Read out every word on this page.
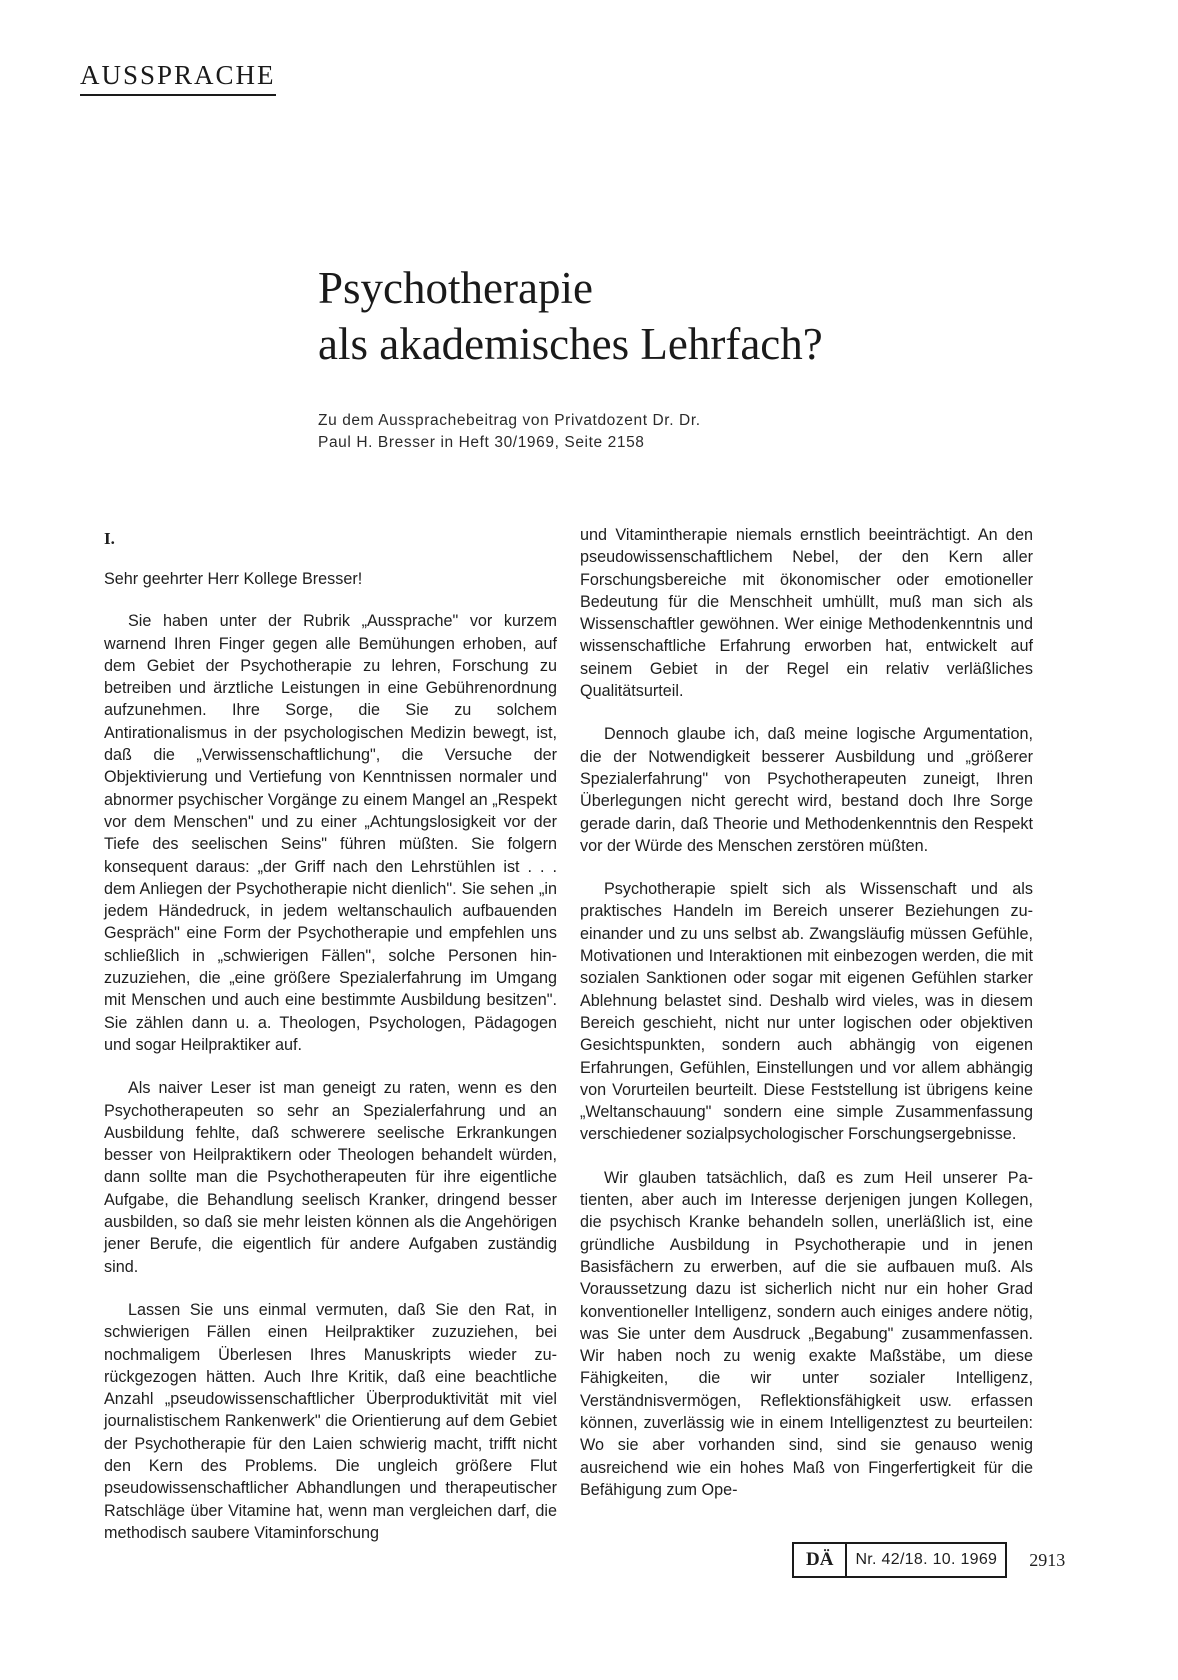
AUSSPRACHE
Psychotherapie
als akademisches Lehrfach?

Zu dem Aussprachebeitrag von Privatdozent Dr. Dr.
Paul H. Bresser in Heft 30/1969, Seite 2158

I.

Sehr geehrter Herr Kollege Bresser!

Sie haben unter der Rubrik „Aussprache" vor kurzem warnend Ihren Finger gegen alle Bemühungen erhoben, auf dem Gebiet der Psychotherapie zu lehren, Forschung zu betreiben und ärztliche Leistungen in eine Gebührenordnung aufzunehmen. Ihre Sorge, die Sie zu solchem Antirationalismus in der psychologischen Medizin bewegt, ist, daß die „Verwissenschaftlichung", die Versuche der Objektivierung und Vertiefung von Kenntnissen normaler und abnormer psychischer Vorgänge zu einem Mangel an „Respekt vor dem Menschen" und zu einer „Achtungslosigkeit vor der Tiefe des seelischen Seins" führen müßten. Sie folgern konsequent daraus: „der Griff nach den Lehrstühlen ist . . . dem Anliegen der Psychotherapie nicht dienlich". Sie sehen „in jedem Händedruck, in jedem weltanschaulich aufbauenden Gespräch" eine Form der Psychotherapie und empfehlen uns schließlich in „schwierigen Fällen", solche Personen hinzuzuziehen, die „eine größere Spezialerfahrung im Umgang mit Menschen und auch eine bestimmte Ausbildung besitzen". Sie zählen dann u. a. Theologen, Psychologen, Pädagogen und sogar Heilpraktiker auf.

Als naiver Leser ist man geneigt zu raten, wenn es den Psychotherapeuten so sehr an Spezialerfahrung und an Ausbildung fehlte, daß schwerere seelische Erkrankungen besser von Heilpraktikern oder Theologen behandelt würden, dann sollte man die Psychotherapeuten für ihre eigentliche Aufgabe, die Behandlung seelisch Kranker, dringend besser ausbilden, so daß sie mehr leisten können als die Angehörigen jener Berufe, die eigentlich für andere Aufgaben zuständig sind.

Lassen Sie uns einmal vermuten, daß Sie den Rat, in schwierigen Fällen einen Heilpraktiker zuzuziehen, bei nochmaligem Überlesen Ihres Manuskripts wieder zurückgezogen hätten. Auch Ihre Kritik, daß eine beachtliche Anzahl „pseudowissenschaftlicher Überproduktivität mit viel journalistischem Rankenwerk" die Orientierung auf dem Gebiet der Psychotherapie für den Laien schwierig macht, trifft nicht den Kern des Problems. Die ungleich größere Flut pseudowissenschaftlicher Abhandlungen und therapeutischer Ratschläge über Vitamine hat, wenn man vergleichen darf, die methodisch saubere Vitaminforschung

und Vitamintherapie niemals ernstlich beeinträchtigt. An den pseudowissenschaftlichem Nebel, der den Kern aller Forschungsbereiche mit ökonomischer oder emotioneller Bedeutung für die Menschheit umhüllt, muß man sich als Wissenschaftler gewöhnen. Wer einige Methodenkenntnis und wissenschaftliche Erfahrung erworben hat, entwickelt auf seinem Gebiet in der Regel ein relativ verläßliches Qualitätsurteil.

Dennoch glaube ich, daß meine logische Argumentation, die der Notwendigkeit besserer Ausbildung und „größerer Spezialerfahrung" von Psychotherapeuten zuneigt, Ihren Überlegungen nicht gerecht wird, bestand doch Ihre Sorge gerade darin, daß Theorie und Methodenkenntnis den Respekt vor der Würde des Menschen zerstören müßten.

Psychotherapie spielt sich als Wissenschaft und als praktisches Handeln im Bereich unserer Beziehungen zueinander und zu uns selbst ab. Zwangsläufig müssen Gefühle, Motivationen und Interaktionen mit einbezogen werden, die mit sozialen Sanktionen oder sogar mit eigenen Gefühlen starker Ablehnung belastet sind. Deshalb wird vieles, was in diesem Bereich geschieht, nicht nur unter logischen oder objektiven Gesichtspunkten, sondern auch abhängig von eigenen Erfahrungen, Gefühlen, Einstellungen und vor allem abhängig von Vorurteilen beurteilt. Diese Feststellung ist übrigens keine „Weltanschauung" sondern eine simple Zusammenfassung verschiedener sozialpsychologischer Forschungsergebnisse.

Wir glauben tatsächlich, daß es zum Heil unserer Patienten, aber auch im Interesse derjenigen jungen Kollegen, die psychisch Kranke behandeln sollen, unerläßlich ist, eine gründliche Ausbildung in Psychotherapie und in jenen Basisfächern zu erwerben, auf die sie aufbauen muß. Als Voraussetzung dazu ist sicherlich nicht nur ein hoher Grad konventioneller Intelligenz, sondern auch einiges andere nötig, was Sie unter dem Ausdruck „Begabung" zusammenfassen. Wir haben noch zu wenig exakte Maßstäbe, um diese Fähigkeiten, die wir unter sozialer Intelligenz, Verständnisvermögen, Reflektionsfähigkeit usw. erfassen können, zuverlässig wie in einem Intelligenztest zu beurteilen: Wo sie aber vorhanden sind, sind sie genauso wenig ausreichend wie ein hohes Maß von Fingerfertigkeit für die Befähigung zum Ope-

DÄ	Nr. 42/18. 10. 1969	2913
